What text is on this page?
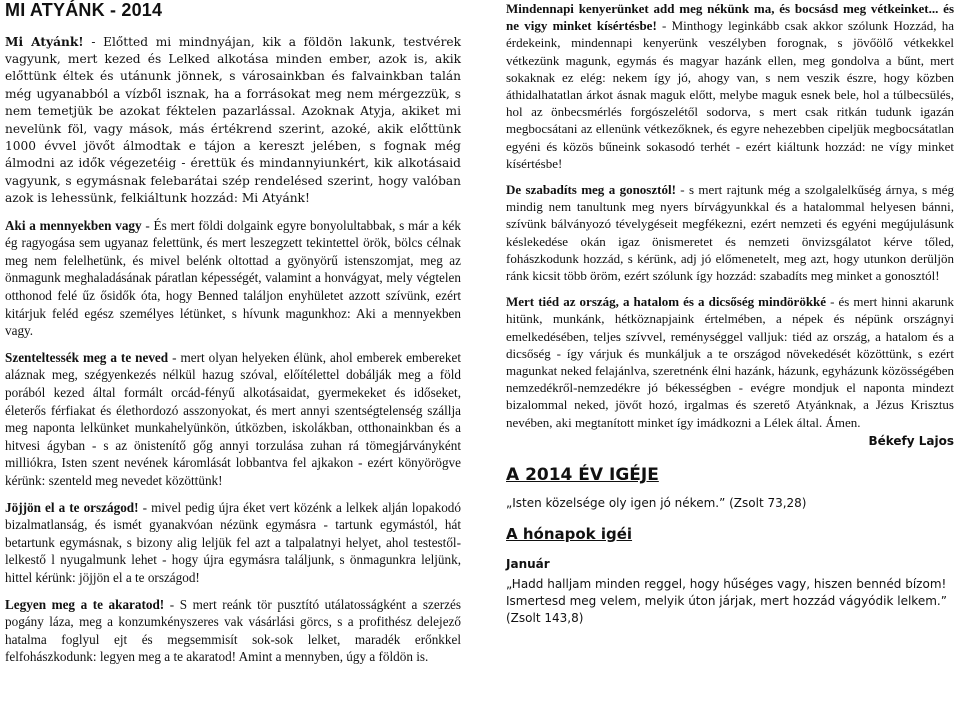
MI ATYÁNK - 2014

Mi Atyánk! - Előtted mi mindnyájan, kik a földön lakunk, testvérek vagyunk, mert kezed és Lelked alkotása minden ember, azok is, akik előttünk éltek és utánunk jönnek, s városainkban és falvainkban talán még ugyanabból a vízből isznak, ha a forrásokat meg nem mérgezzük, s nem temetjük be azokat féktelen pazarlással. Azoknak Atyja, akiket mi nevelünk föl, vagy mások, más értékrend szerint, azoké, akik előttünk 1000 évvel jövőt álmodtak e tájon a kereszt jelében, s fognak még álmodni az idők végezetéig - érettük és mindannyiunkért, kik alkotásaid vagyunk, s egymásnak felebarátai szép rendelésed szerint, hogy valóban azok is lehessünk, felkiáltunk hozzád: Mi Atyánk!

Aki a mennyekben vagy - És mert földi dolgaink egyre bonyolultabbak, s már a kék ég ragyogása sem ugyanaz felettünk, és mert leszegzett tekintettel örök, bölcs célnak meg nem felelhetünk, és mivel belénk oltottad a gyönyörű istenszomjat, meg az önmagunk meghaladásának páratlan képességét, valamint a honvágyat, mely végtelen otthonod felé űz ősidők óta, hogy Benned találjon enyhületet azzott szívünk, ezért kitárjuk feléd egész személyes létünket, s hívunk magunkhoz: Aki a mennyekben vagy.

Szenteltessék meg a te neved - mert olyan helyeken élünk, ahol emberek embereket aláznak meg, szégyenkezés nélkül hazug szóval, előítélettel dobálják meg a föld porából kezed által formált orcád-fényű alkotásaidat, gyermekeket és időseket, életerős férfiakat és élethordozó asszonyokat, és mert annyi szentségtelenség szállja meg naponta lelkünket munkahelyünkön, útközben, iskolákban, otthonainkban és a hitvesi ágyban - s az önistenítő gőg annyi torzulása zuhan rá tömegjárványként milliókra, Isten szent nevének káromlását lobbantva fel ajkakon - ezért könyörögve kérünk: szenteld meg nevedet közöttünk!

Jöjjön el a te országod! - mivel pedig újra éket vert közénk a lelkek alján lopakodó bizalmatlanság, és ismét gyanakvóan nézünk egymásra - tartunk egymástól, hát betartunk egymásnak, s bizony alig leljük fel azt a talpalatnyi helyet, ahol testestől-lelkestő l nyugalmunk lehet - hogy újra egymásra találjunk, s önmagunkra leljünk, hittel kérünk: jöjjön el a te országod!

Legyen meg a te akaratod! - S mert reánk tör pusztító utálatosságként a szerzés pogány láza, meg a konzumkényszeres vak vásárlási görcs, s a profithész delejező hatalma foglyul ejt és megsemmisít sok-sok lelket, maradék erőnkkel felfohászkodunk: legyen meg a te akaratod! Amint a mennyben, úgy a földön is.

Mindennapi kenyerünket add meg nékünk ma, és bocsásd meg vétkeinket... és ne vigy minket kísértésbe! - Minthogy leginkább csak akkor szólunk Hozzád, ha érdekeink, mindennapi kenyerünk veszélyben forognak, s jövőölő vétkekkel vétkezünk magunk, egymás és magyar hazánk ellen, meg gondolva a bűnt, mert sokaknak ez elég: nekem így jó, ahogy van, s nem veszik észre, hogy közben áthidalhatatlan árkot ásnak maguk előtt, melybe maguk esnek bele, hol a túlbecsülés, hol az önbecsmérlés forgószelétől sodorva, s mert csak ritkán tudunk igazán megbocsátani az ellenünk vétkezőknek, és egyre nehezebben cipeljük megbocsátatlan egyéni és közös bűneink sokasodó terhét - ezért kiáltunk hozzád: ne vígy minket kísértésbe!

De szabadíts meg a gonosztól! - s mert rajtunk még a szolgalelkűség árnya, s még mindig nem tanultunk meg nyers bírvágyunkkal és a hatalommal helyesen bánni, szívünk bálványozó tévelygéseit megfékezni, ezért nemzeti és egyéni megújulásunk késlekedése okán igaz önismeretet és nemzeti önvizsgálatot kérve tőled, fohászkodunk hozzád, s kérünk, adj jó előmenetelt, meg azt, hogy utunkon derüljön ránk kicsit több öröm, ezért szólunk így hozzád: szabadíts meg minket a gonosztól!

Mert tiéd az ország, a hatalom és a dicsőség mindörökké - és mert hinni akarunk hitünk, munkánk, hétköznapjaink értelmében, a népek és népünk országnyi emelkedésében, teljes szívvel, reménységgel valljuk: tiéd az ország, a hatalom és a dicsőség - így várjuk és munkáljuk a te országod növekedését közöttünk, s ezért magunkat neked felajánlva, szeretnénk élni hazánk, házunk, egyházunk közösségében nemzedékről-nemzedékre jó békességben - evégre mondjuk el naponta mindezt bizalommal neked, jövőt hozó, irgalmas és szerető Atyánknak, a Jézus Krisztus nevében, aki megtanított minket így imádkozni a Lélek által. Ámen.

Békefy Lajos
A 2014 ÉV IGÉJE
„Isten közelsége oly igen jó nékem.” (Zsolt 73,28)
A hónapok igéi
Január
„Hadd halljam minden reggel, hogy hűséges vagy, hiszen bennéd bízom! Ismertesd meg velem, melyik úton járjak, mert hozzád vágyódik lelkem.” (Zsolt 143,8)
